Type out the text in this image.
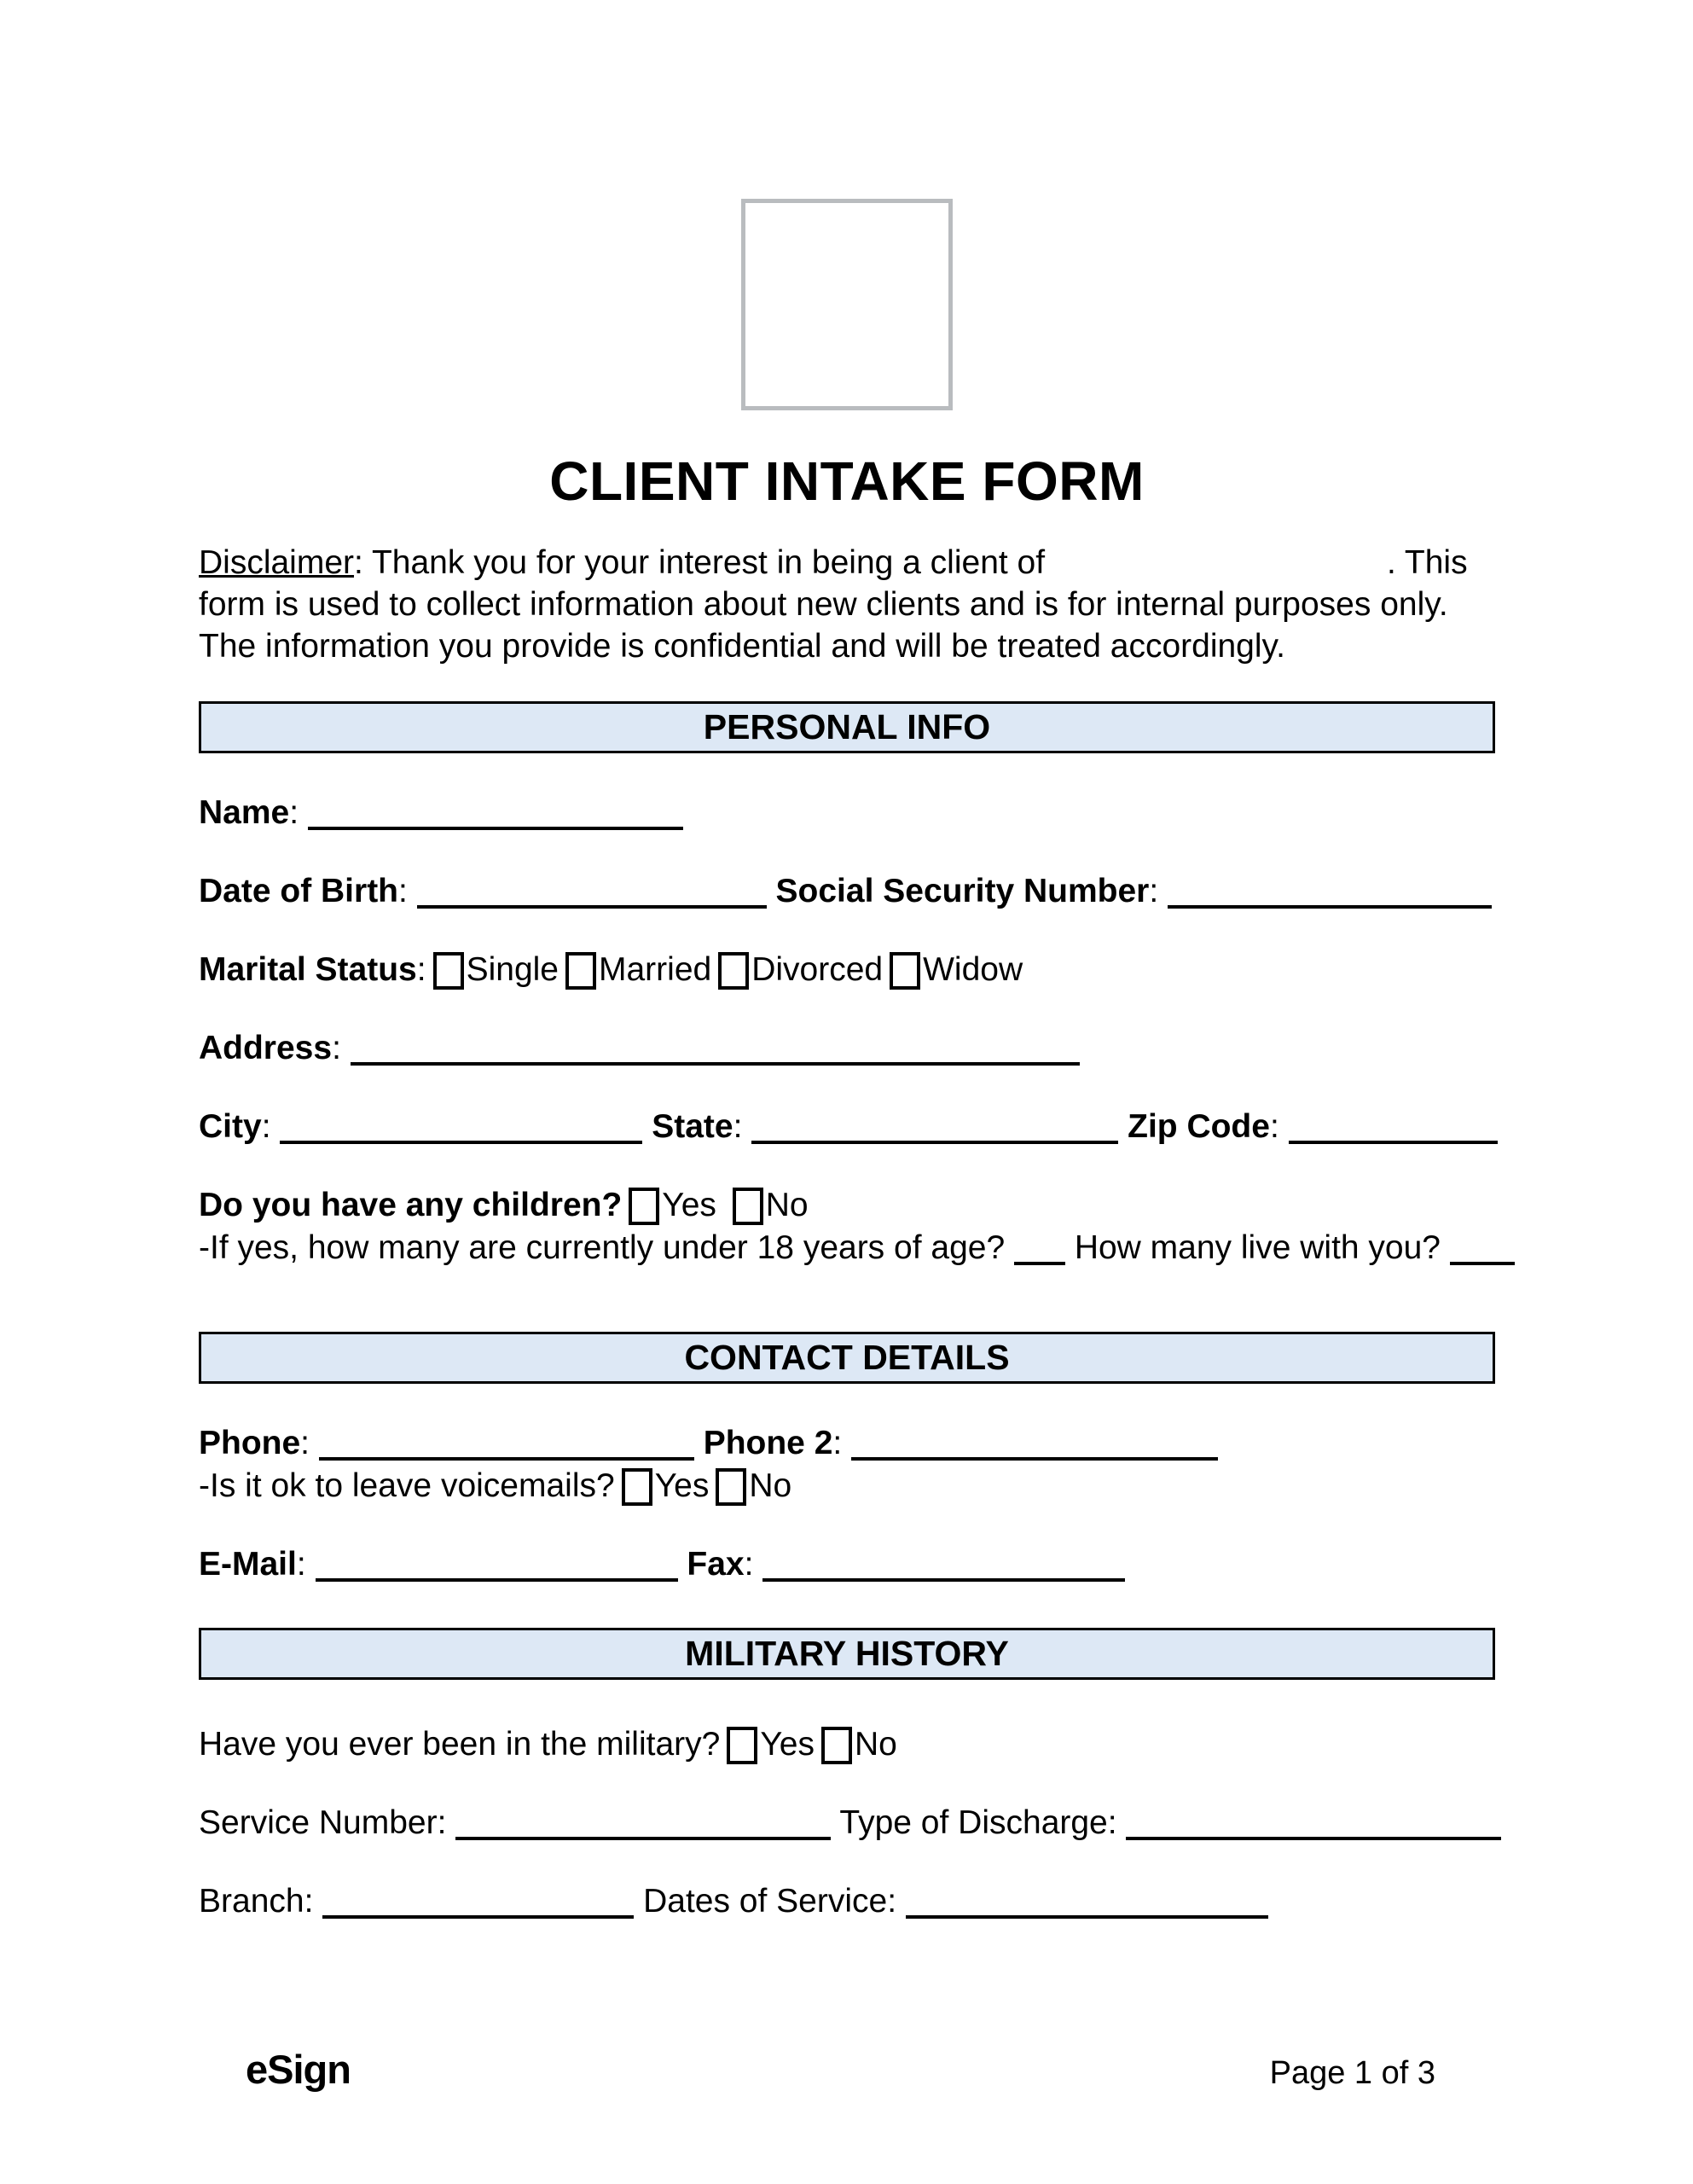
CLIENT INTAKE FORM

Disclaimer: Thank you for your interest in being a client of	. This
form is used to collect information about new clients and is for internal purposes only.
The information you provide is confidential and will be treated accordingly.

PERSONAL INFO
Name:
Date of Birth:	Social Security Number:
Marital Status: Single Married Divorced Widow
Address:
City:	State:	Zip Code:
Do you have any children? Yes No
-If yes, how many are currently under 18 years of age? How many live with you?
CONTACT DETAILS
Phone:	Phone 2:
-Is it ok to leave voicemails? Yes No
E-Mail:	Fax:
MILITARY HISTORY
Have you ever been in the military? Yes No
Service Number:	Type of Discharge:
Branch:	Dates of Service:
eSign	Page 1 of 3
